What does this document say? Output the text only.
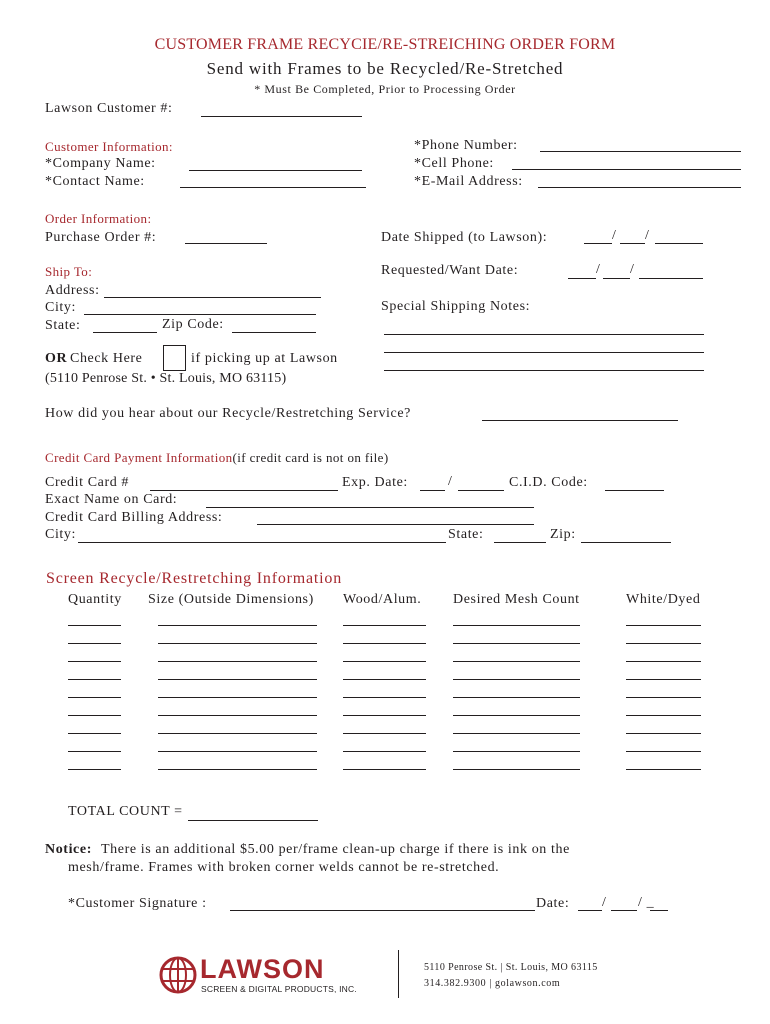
CUSTOMER FRAME RECYCIE/RE-STREICHING ORDER FORM
Send with Frames to be Recycled/Re-Stretched
* Must Be Completed, Prior to Processing Order
Lawson Customer #:
Customer Information:
*Company Name:
*Contact Name:
*Phone Number:
*Cell Phone:
*E-Mail Address:
Order Information:
Purchase Order #:	Date Shipped (to Lawson):	/ /
Ship To:	Requested/Want Date:	/ /
Address:
City:
State:	Zip Code:
Special Shipping Notes:
OR Check Here	if picking up at Lawson
(5110 Penrose St. • St. Louis, MO 63115)
How did you hear about our Recycle/Restretching Service?
Credit Card Payment Information(if credit card is not on file)
Credit Card #	Exp. Date:	/	C.I.D. Code:
Exact Name on Card:
Credit Card Billing Address:
City:	State:	Zip:
Screen Recycle/Restretching Information
Quantity Size (Outside Dimensions) Wood/Alum. Desired Mesh Count	White/Dyed
TOTAL COUNT =
Notice: There is an additional $5.00 per/frame clean-up charge if there is ink on the
mesh/frame. Frames with broken corner welds cannot be re-stretched.
*Customer Signature :	Date: / / _
LAWSON
SCREEN & DIGITAL PRODUCTS, INC.
5110 Penrose St. | St. Louis, MO 63115
314.382.9300 | golawson.com
